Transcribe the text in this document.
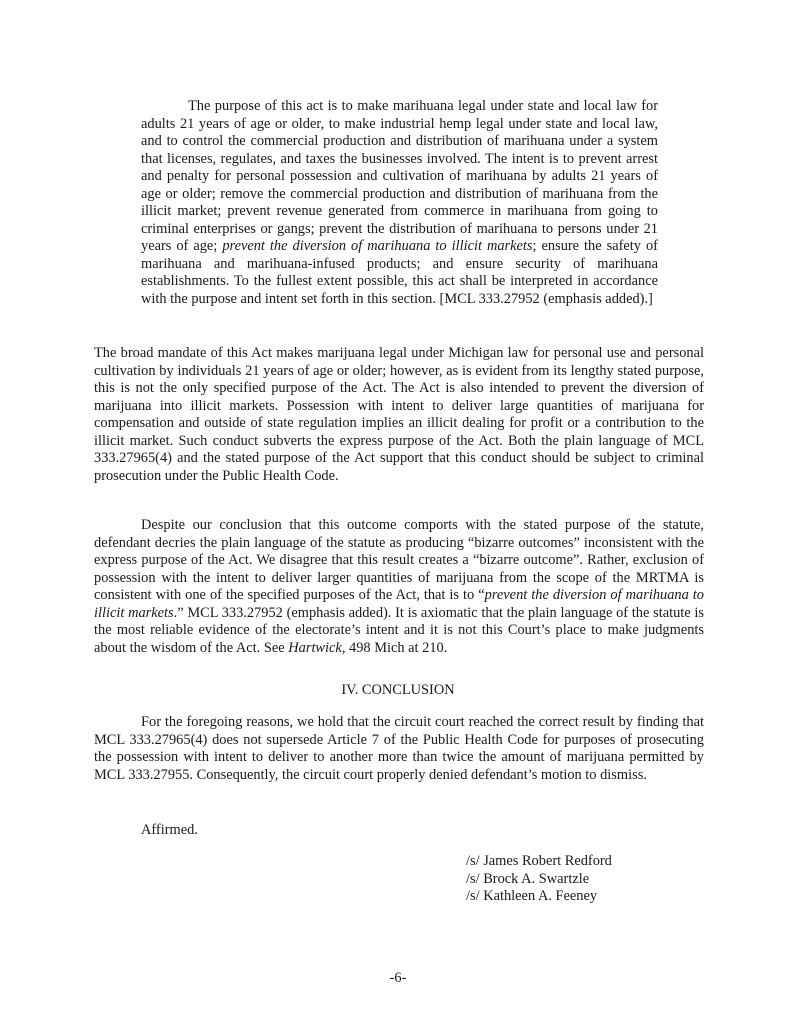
The purpose of this act is to make marihuana legal under state and local law for adults 21 years of age or older, to make industrial hemp legal under state and local law, and to control the commercial production and distribution of marihuana under a system that licenses, regulates, and taxes the businesses involved. The intent is to prevent arrest and penalty for personal possession and cultivation of marihuana by adults 21 years of age or older; remove the commercial production and distribution of marihuana from the illicit market; prevent revenue generated from commerce in marihuana from going to criminal enterprises or gangs; prevent the distribution of marihuana to persons under 21 years of age; prevent the diversion of marihuana to illicit markets; ensure the safety of marihuana and marihuana-infused products; and ensure security of marihuana establishments. To the fullest extent possible, this act shall be interpreted in accordance with the purpose and intent set forth in this section. [MCL 333.27952 (emphasis added).]

The broad mandate of this Act makes marijuana legal under Michigan law for personal use and personal cultivation by individuals 21 years of age or older; however, as is evident from its lengthy stated purpose, this is not the only specified purpose of the Act. The Act is also intended to prevent the diversion of marijuana into illicit markets. Possession with intent to deliver large quantities of marijuana for compensation and outside of state regulation implies an illicit dealing for profit or a contribution to the illicit market. Such conduct subverts the express purpose of the Act. Both the plain language of MCL 333.27965(4) and the stated purpose of the Act support that this conduct should be subject to criminal prosecution under the Public Health Code.

Despite our conclusion that this outcome comports with the stated purpose of the statute, defendant decries the plain language of the statute as producing “bizarre outcomes” inconsistent with the express purpose of the Act. We disagree that this result creates a “bizarre outcome”. Rather, exclusion of possession with the intent to deliver larger quantities of marijuana from the scope of the MRTMA is consistent with one of the specified purposes of the Act, that is to “prevent the diversion of marihuana to illicit markets.” MCL 333.27952 (emphasis added). It is axiomatic that the plain language of the statute is the most reliable evidence of the electorate’s intent and it is not this Court’s place to make judgments about the wisdom of the Act. See Hartwick, 498 Mich at 210.

IV. CONCLUSION

For the foregoing reasons, we hold that the circuit court reached the correct result by finding that MCL 333.27965(4) does not supersede Article 7 of the Public Health Code for purposes of prosecuting the possession with intent to deliver to another more than twice the amount of marijuana permitted by MCL 333.27955. Consequently, the circuit court properly denied defendant’s motion to dismiss.

Affirmed.
/s/ James Robert Redford
/s/ Brock A. Swartzle
/s/ Kathleen A. Feeney
-6-
